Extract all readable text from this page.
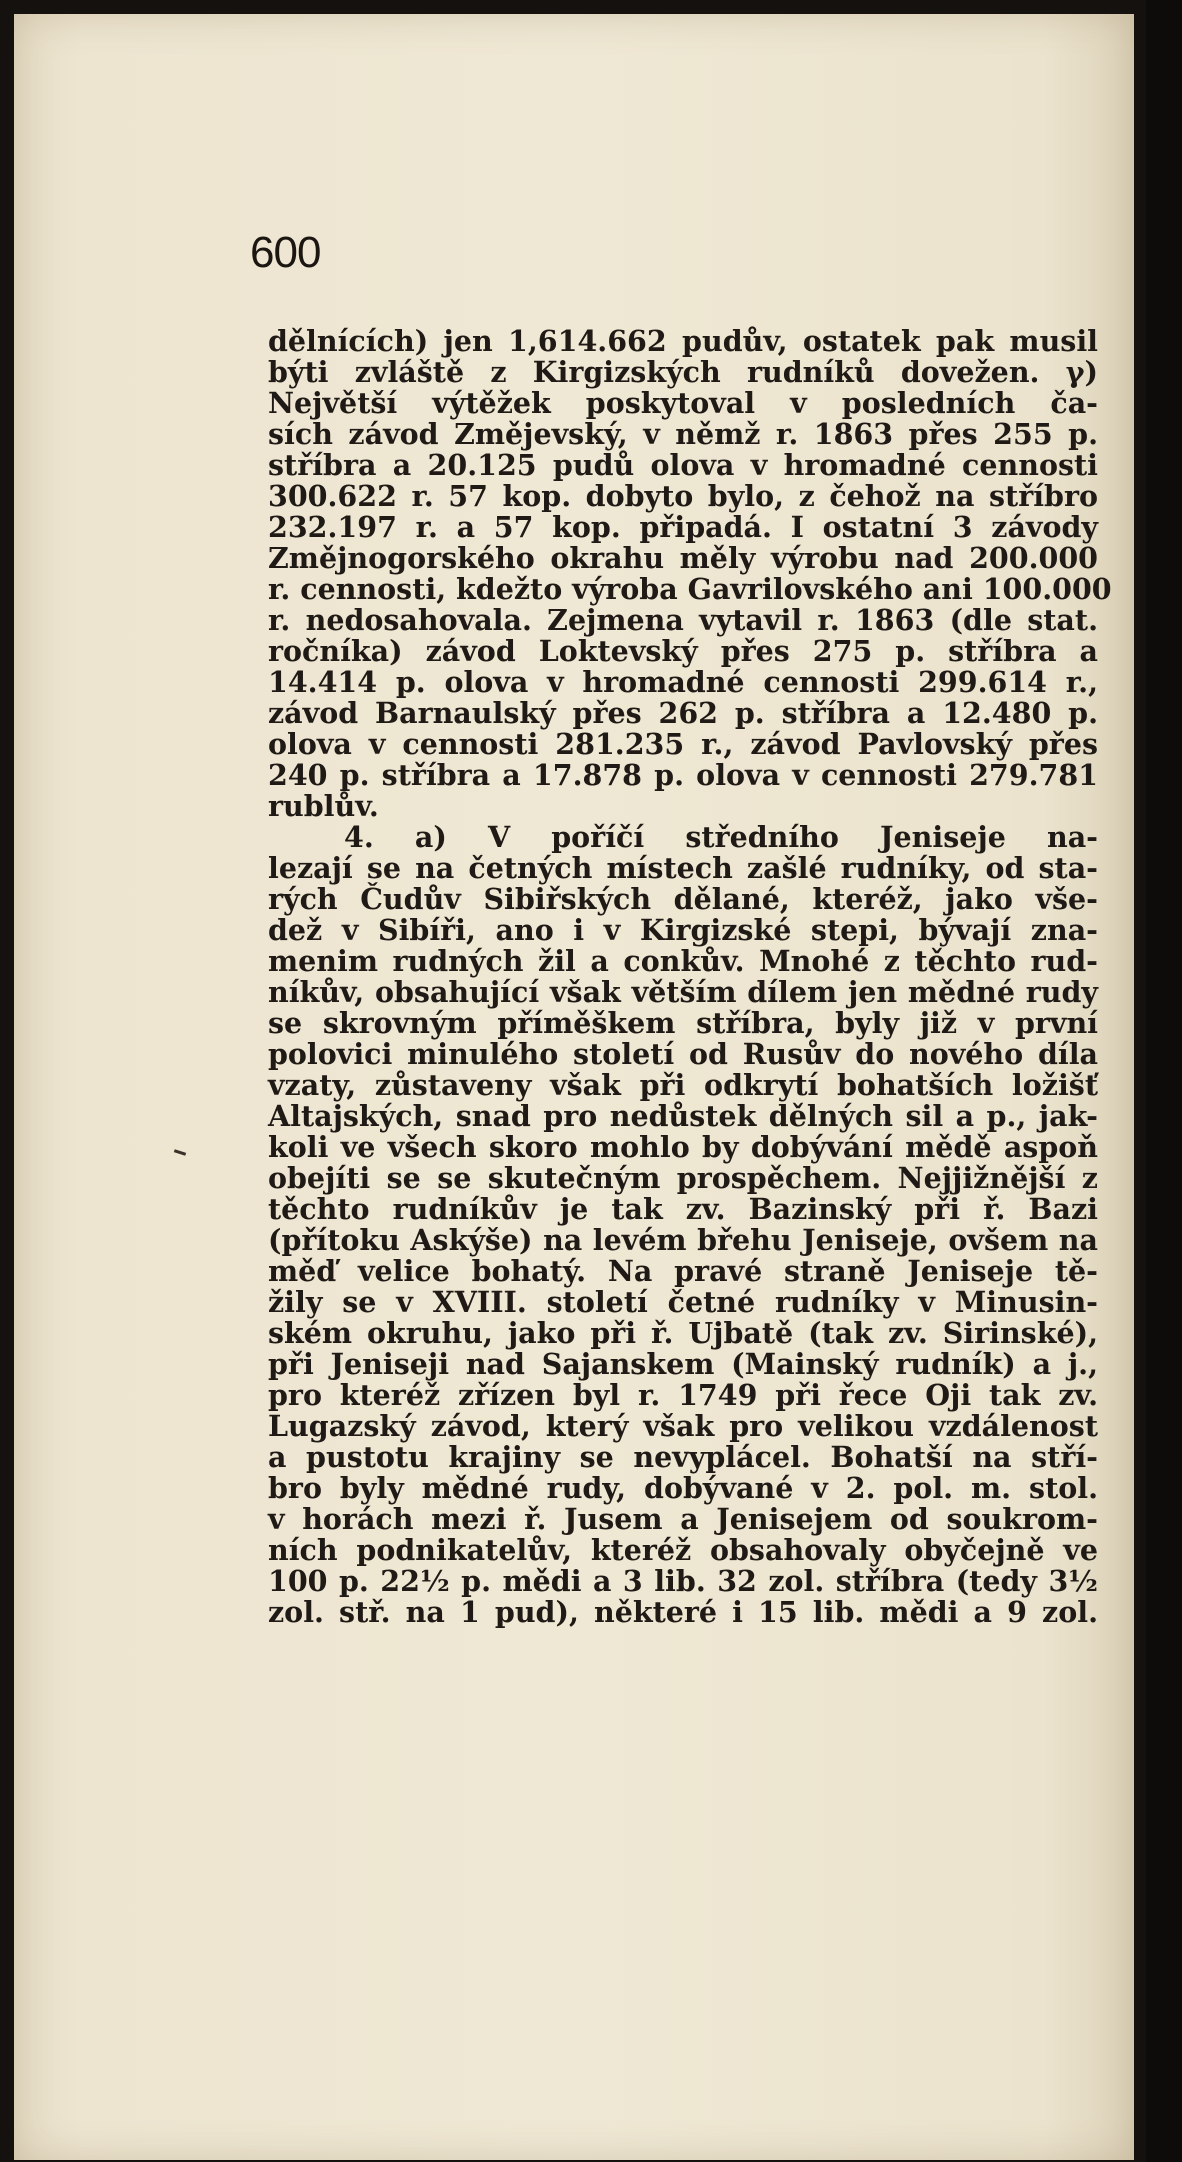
600
dělnících) jen 1,614.662 pudův, ostatek pak musil
býti zvláště z Kirgizských rudníků dovežen. γ)
Největší výtěžek poskytoval v posledních ča-
sích závod Změjevský, v němž r. 1863 přes 255 p.
stříbra a 20.125 pudů olova v hromadné cennosti
300.622 r. 57 kop. dobyto bylo, z čehož na stříbro
232.197 r. a 57 kop. připadá. I ostatní 3 závody
Změjnogorského okrahu měly výrobu nad 200.000
r. cennosti, kdežto výroba Gavrilovského ani 100.000
r. nedosahovala. Zejmena vytavil r. 1863 (dle stat.
ročníka) závod Loktevský přes 275 p. stříbra a
14.414 p. olova v hromadné cennosti 299.614 r.,
závod Barnaulský přes 262 p. stříbra a 12.480 p.
olova v cennosti 281.235 r., závod Pavlovský přes
240 p. stříbra a 17.878 p. olova v cennosti 279.781
rublův.
4. a) V poříčí středního Jeniseje na-
lezají se na četných místech zašlé rudníky, od sta-
rých Čudův Sibiřských dělané, kteréž, jako vše-
dež v Sibíři, ano i v Kirgizské stepi, bývají zna-
menim rudných žil a conkův. Mnohé z těchto rud-
níkův, obsahující však větším dílem jen mědné rudy
se skrovným příměškem stříbra, byly již v první
polovici minulého století od Rusův do nového díla
vzaty, zůstaveny však při odkrytí bohatších ložišť
Altajských, snad pro nedůstek dělných sil a p., jak-
koli ve všech skoro mohlo by dobývání mědě aspoň
obejíti se se skutečným prospěchem. Nejjižnější z
těchto rudníkův je tak zv. Bazinský při ř. Bazi
(přítoku Askýše) na levém břehu Jeniseje, ovšem na
měď velice bohatý. Na pravé straně Jeniseje tě-
žily se v XVIII. století četné rudníky v Minusin-
ském okruhu, jako při ř. Ujbatě (tak zv. Sirinské),
při Jeniseji nad Sajanskem (Mainský rudník) a j.,
pro kteréž zřízen byl r. 1749 při řece Oji tak zv.
Lugazský závod, který však pro velikou vzdálenost
a pustotu krajiny se nevyplácel. Bohatší na stří-
bro byly mědné rudy, dobývané v 2. pol. m. stol.
v horách mezi ř. Jusem a Jenisejem od soukrom-
ních podnikatelův, kteréž obsahovaly obyčejně ve
100 p. 22½ p. mědi a 3 lib. 32 zol. stříbra (tedy 3½
zol. stř. na 1 pud), některé i 15 lib. mědi a 9 zol.
